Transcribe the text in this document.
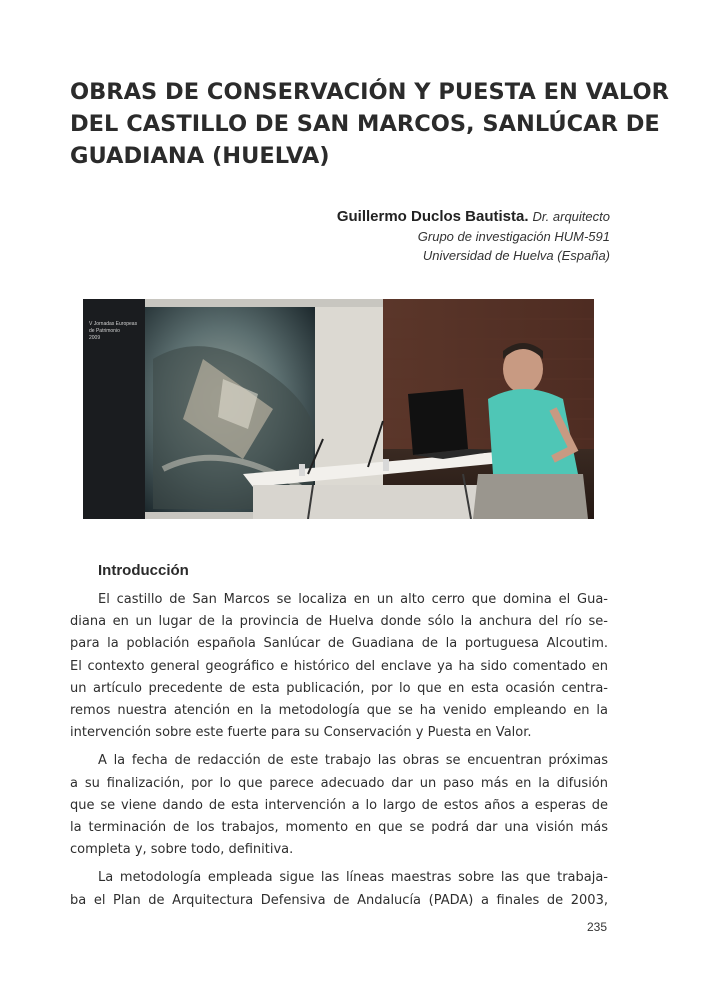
OBRAS DE CONSERVACIÓN Y PUESTA EN VALOR
DEL CASTILLO DE SAN MARCOS, SANLÚCAR DE
GUADIANA (HUELVA)
Guillermo Duclos Bautista. Dr. arquitecto
Grupo de investigación HUM-591
Universidad de Huelva (España)
V Jornadas Europeas
de Patrimonio
2009
Introducción

El castillo de San Marcos se localiza en un alto cerro que domina el Gua-
diana en un lugar de la provincia de Huelva donde sólo la anchura del río se-
para la población española Sanlúcar de Guadiana de la portuguesa Alcoutim.
El contexto general geográfico e histórico del enclave ya ha sido comentado en
un artículo precedente de esta publicación, por lo que en esta ocasión centra-
remos nuestra atención en la metodología que se ha venido empleando en la
intervención sobre este fuerte para su Conservación y Puesta en Valor.

A la fecha de redacción de este trabajo las obras se encuentran próximas
a su finalización, por lo que parece adecuado dar un paso más en la difusión
que se viene dando de esta intervención a lo largo de estos años a esperas de
la terminación de los trabajos, momento en que se podrá dar una visión más
completa y, sobre todo, definitiva.

La metodología empleada sigue las líneas maestras sobre las que trabaja-
ba el Plan de Arquitectura Defensiva de Andalucía (PADA) a finales de 2003,

235
